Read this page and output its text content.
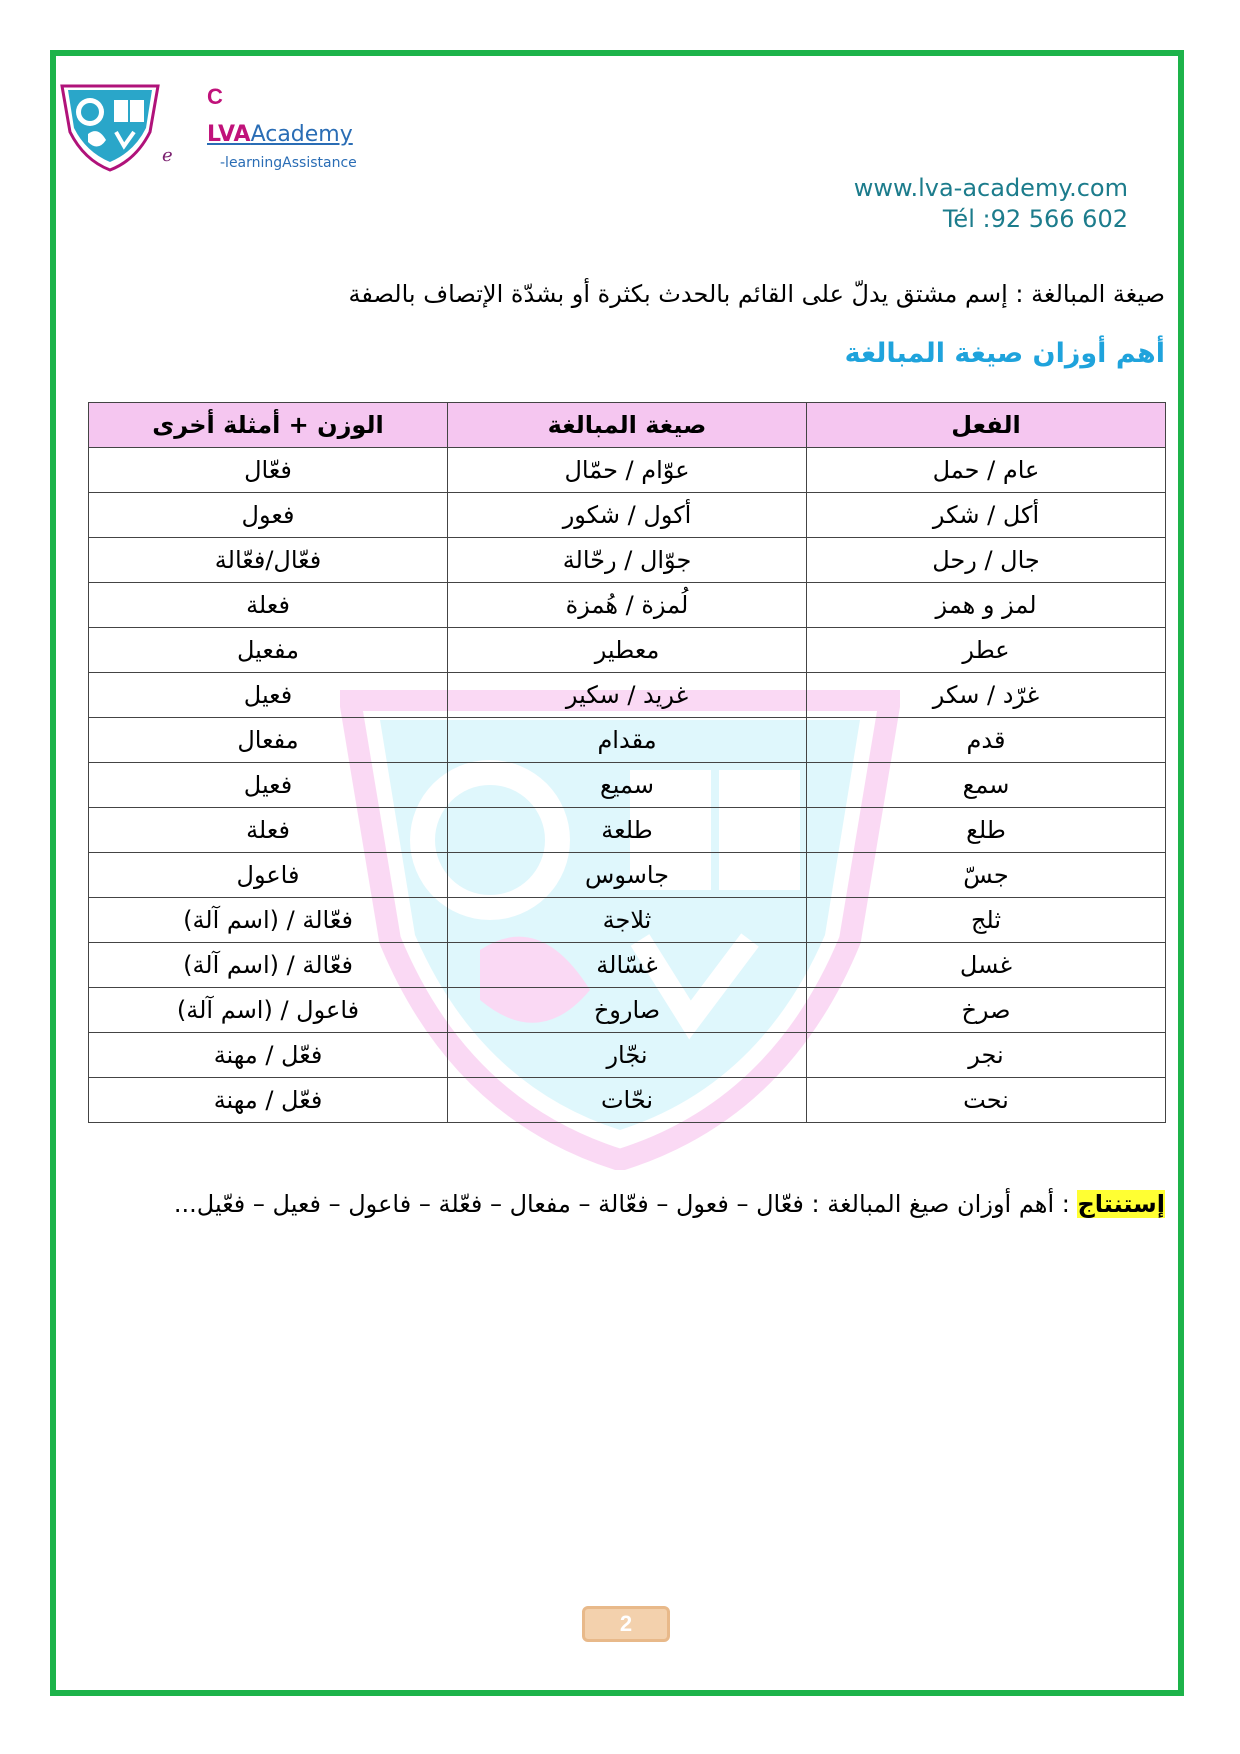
e
C
LVAAcademy
-learningAssistance
www.lva-academy.com
Tél :92 566 602
صيغة المبالغة : إسم مشتق يدلّ على القائم بالحدث بكثرة أو بشدّة الإتصاف بالصفة
أهم أوزان صيغة المبالغة
الفعل	صيغة المبالغة	الوزن + أمثلة أخرى
عام / حمل	عوّام / حمّال	فعّال
أكل / شكر	أكول / شكور	فعول
جال / رحل	جوّال / رحّالة	فعّال/فعّالة
لمز و همز	لُمزة / هُمزة	فعلة
عطر	معطير	مفعيل
غرّد / سكر	غريد / سكير	فعيل
قدم	مقدام	مفعال
سمع	سميع	فعيل
طلع	طلعة	فعلة
جسّ	جاسوس	فاعول
ثلج	ثلاجة	فعّالة / (اسم آلة)
غسل	غسّالة	فعّالة / (اسم آلة)
صرخ	صاروخ	فاعول / (اسم آلة)
نجر	نجّار	فعّل / مهنة
نحت	نحّات	فعّل / مهنة
إستنتاج : أهم أوزان صيغ المبالغة : فعّال – فعول – فعّالة – مفعال – فعّلة – فاعول – فعيل – فعّيل...
2
